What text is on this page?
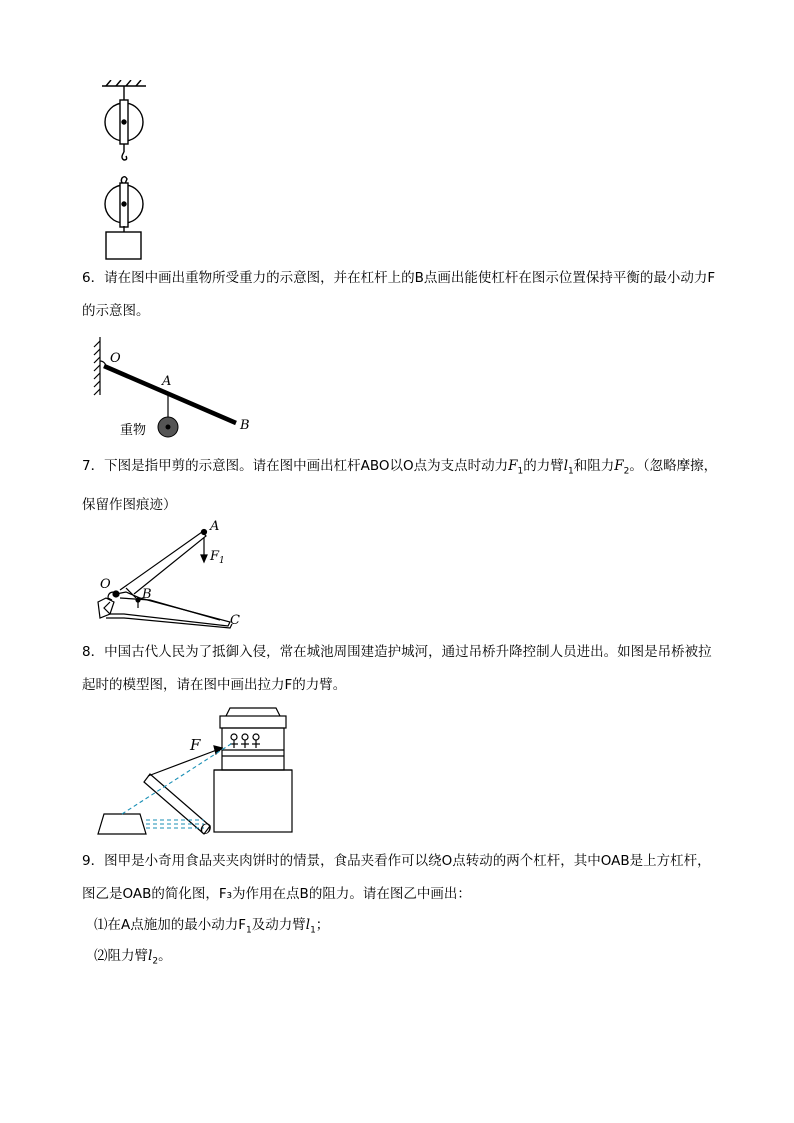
6．请在图中画出重物所受重力的示意图，并在杠杆上的B点画出能使杠杆在图示位置保持平衡的最小动力F的示意图。

O
A
B
重物

7．下图是指甲剪的示意图。请在图中画出杠杆ABO以O点为支点时动力$F_1$的力臂$l_1$和阻力$F_2$。（忽略摩擦，保留作图痕迹）

A
$F_1$
O
B
C

8．中国古代人民为了抵御入侵，常在城池周围建造护城河，通过吊桥升降控制人员进出。如图是吊桥被拉起时的模型图，请在图中画出拉力F的力臂。

F
O

9．图甲是小奇用食品夹夹肉饼时的情景，食品夹看作可以绕O点转动的两个杠杆，其中OAB是上方杠杆，图乙是OAB的简化图，F₃为作用在点B的阻力。请在图乙中画出：

⑴在A点施加的最小动力$F_1$及动力臂$l_1$；

⑵阻力臂$l_2$。
